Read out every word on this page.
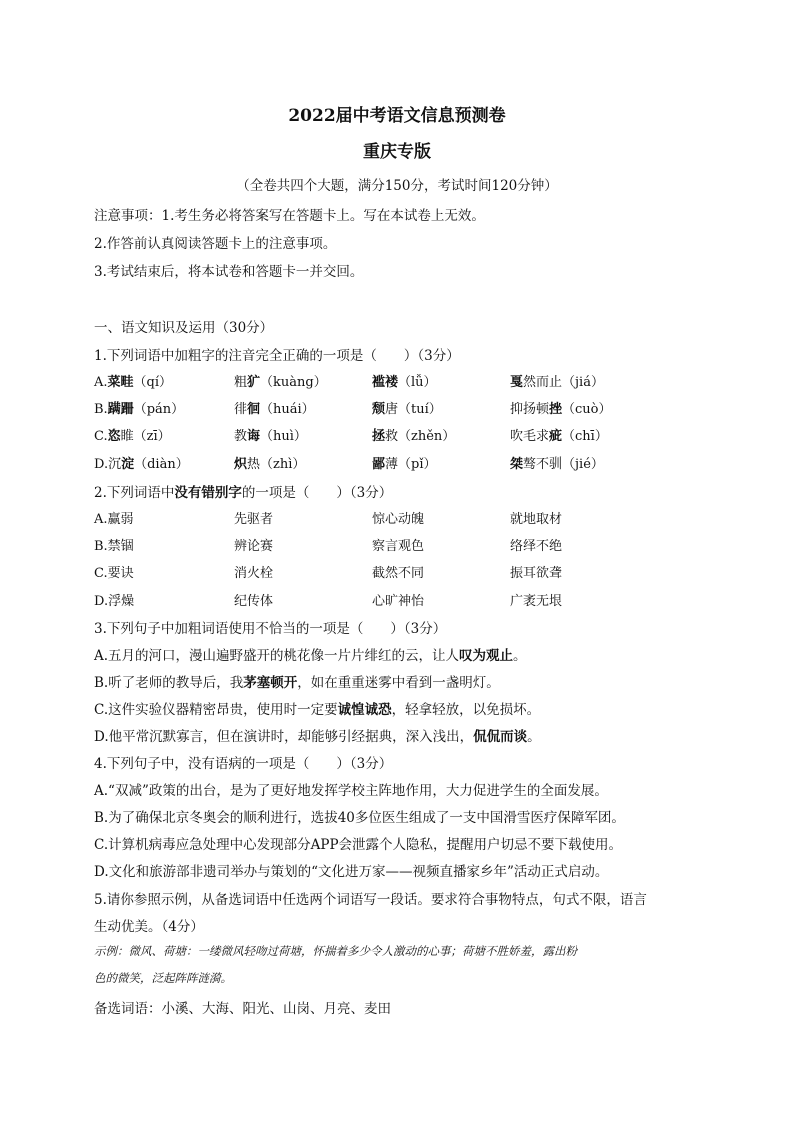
2022届中考语文信息预测卷
重庆专版
（全卷共四个大题，满分150分，考试时间120分钟）
注意事项：1.考生务必将答案写在答题卡上。写在本试卷上无效。
2.作答前认真阅读答题卡上的注意事项。
3.考试结束后，将本试卷和答题卡一并交回。
一、语文知识及运用（30分）
1.下列词语中加粗字的注音完全正确的一项是（　　）（3分）
A.菜畦（qí）	粗犷（kuàng）	褴褛（lǚ）	戛然而止（jiá）
B.蹒跚（pán）	徘徊（huái）	颓唐（tuí）	抑扬顿挫（cuò）
C.恣睢（zī）	教诲（huì）	拯救（zhěn）	吹毛求疵（chī）
D.沉淀（diàn）	炽热（zhì）	鄙薄（pǐ）	桀骜不驯（jié）
2.下列词语中没有错别字的一项是（　　）（3分）
A.赢弱	先驱者	惊心动魄	就地取材
B.禁锢	辨论赛	察言观色	络绎不绝
C.要诀	消火栓	截然不同	振耳欲聋
D.浮燥	纪传体	心旷神怡	广袤无垠
3.下列句子中加粗词语使用不恰当的一项是（　　）（3分）
A.五月的河口，漫山遍野盛开的桃花像一片片绯红的云，让人叹为观止。
B.听了老师的教导后，我茅塞顿开，如在重重迷雾中看到一盏明灯。
C.这件实验仪器精密昂贵，使用时一定要诚惶诚恐，轻拿轻放，以免损坏。
D.他平常沉默寡言，但在演讲时，却能够引经据典，深入浅出，侃侃而谈。
4.下列句子中，没有语病的一项是（　　）（3分）
A.“双减”政策的出台，是为了更好地发挥学校主阵地作用，大力促进学生的全面发展。
B.为了确保北京冬奥会的顺利进行，选拔40多位医生组成了一支中国滑雪医疗保障军团。
C.计算机病毒应急处理中心发现部分APP会泄露个人隐私，提醒用户切忌不要下载使用。
D.文化和旅游部非遗司举办与策划的“文化进万家——视频直播家乡年”活动正式启动。
5.请你参照示例，从备选词语中任选两个词语写一段话。要求符合事物特点，句式不限，语言
生动优美。（4分）
示例：微风、荷塘：一缕微风轻吻过荷塘，怀揣着多少令人激动的心事；荷塘不胜娇羞，露出粉
色的微笑，泛起阵阵涟漪。
备选词语：小溪、大海、阳光、山岗、月亮、麦田
